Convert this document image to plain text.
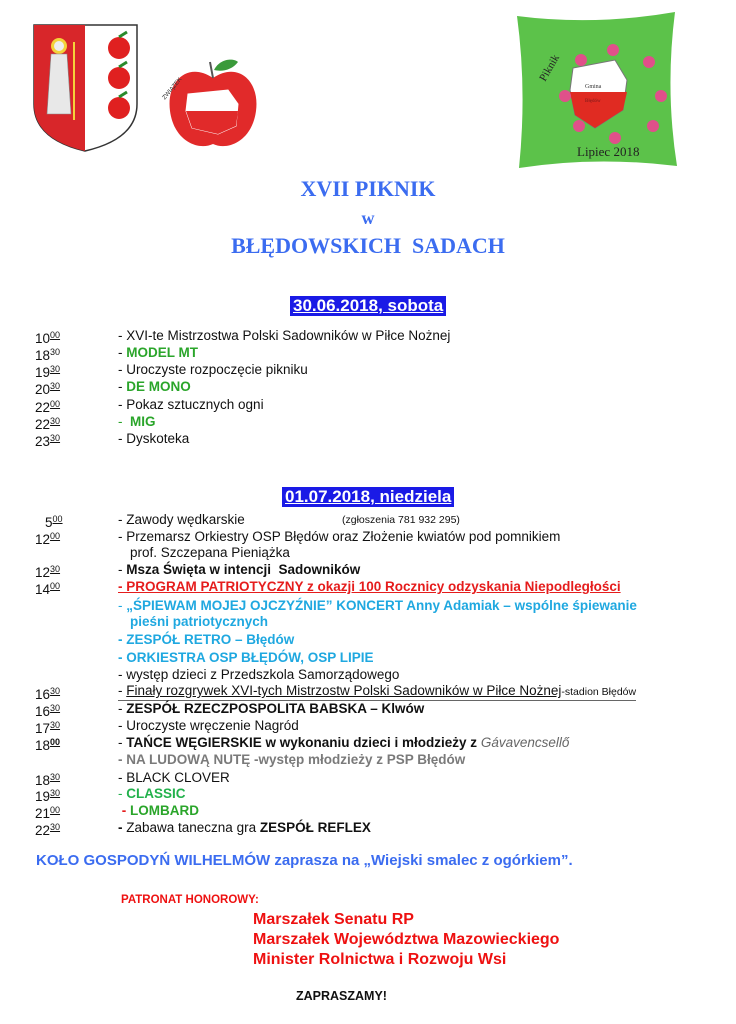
ZWIĄZEK	Gmina
Błędów
Lipiec 2018
Piknik
XVII PIKNIK
w
BŁĘDOWSKICH  SADACH
30.06.2018, sobota
$10^{00}$	- XVI-te Mistrzostwa Polski Sadowników w Piłce Nożnej
$18^{30}$	- MODEL MT
$19^{30}$	- Uroczyste rozpoczęcie pikniku
$20^{30}$	- DE MONO
$22^{00}$	- Pokaz sztucznych ogni
$22^{30}$	-  MIG
$23^{30}$	- Dyskoteka
01.07.2018, niedziela
$5^{00}$	- Zawody wędkarskie	(zgłoszenia 781 932 295)
$12^{00}$	- Przemarsz Orkiestry OSP Błędów oraz Złożenie kwiatów pod pomnikiem
prof. Szczepana Pieniążka
$12^{30}$	- Msza Święta w intencji  Sadowników
$14^{00}$	- PROGRAM PATRIOTYCZNY z okazji 100 Rocznicy odzyskania Niepodległości
- „ŚPIEWAM MOJEJ OJCZYŹNIE” KONCERT Anny Adamiak – wspólne śpiewanie
pieśni patriotycznych
- ZESPÓŁ RETRO – Błędów
- ORKIESTRA OSP BŁĘDÓW, OSP LIPIE
- występ dzieci z Przedszkola Samorządowego
$16^{30}$	- Finały rozgrywek XVI-tych Mistrzostw Polski Sadowników w Piłce Nożnej-stadion Błędów
$16^{30}$	- ZESPÓŁ RZECZPOSPOLITA BABSKA – Klwów
$17^{30}$	- Uroczyste wręczenie Nagród
$18^{00}$	- TAŃCE WĘGIERSKIE w wykonaniu dzieci i młodzieży z Gávavencsellő
- NA LUDOWĄ NUTĘ -występ młodzieży z PSP Błędów
$18^{30}$	- BLACK CLOVER
$19^{30}$	- CLASSIC
$21^{00}$	- LOMBARD
$22^{30}$	- Zabawa taneczna gra ZESPÓŁ REFLEX
KOŁO GOSPODYŃ WILHELMÓW zaprasza na „Wiejski smalec z ogórkiem”.
PATRONAT HONOROWY:
Marszałek Senatu RP
Marszałek Województwa Mazowieckiego
Minister Rolnictwa i Rozwoju Wsi
ZAPRASZAMY!
